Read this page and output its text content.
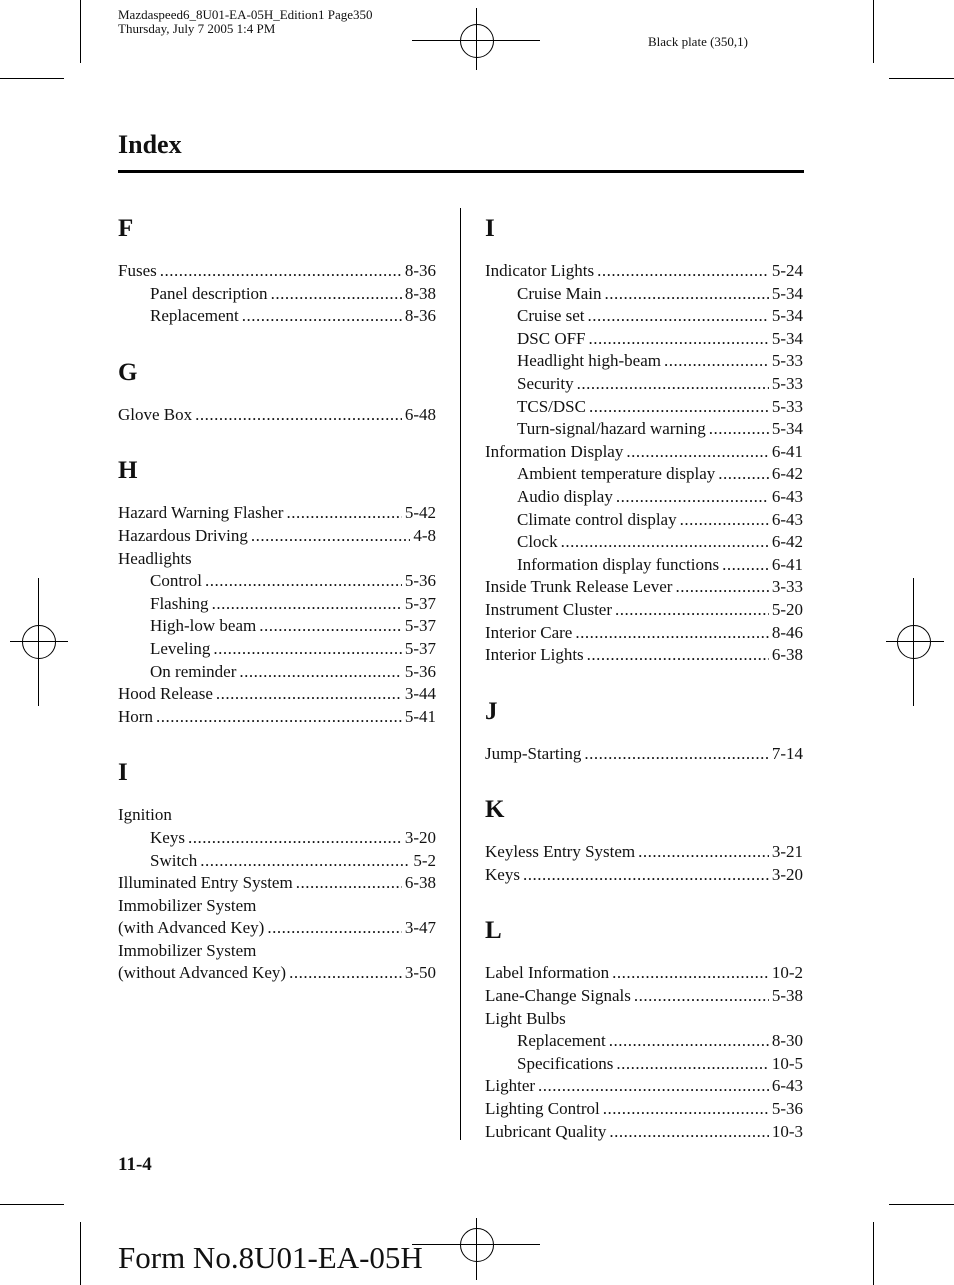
Mazdaspeed6_8U01-EA-05H_Edition1 Page350
Thursday, July 7 2005 1:4 PM
Black plate (350,1)
Index
F
Fuses .....	8-36
Panel description .....	8-38
Replacement .....	8-36
G
Glove Box .....	6-48
H
Hazard Warning Flasher .....	5-42
Hazardous Driving .....	4-8
Headlights
Control .....	5-36
Flashing .....	5-37
High-low beam .....	5-37
Leveling .....	5-37
On reminder .....	5-36
Hood Release .....	3-44
Horn .....	5-41
I
Ignition
Keys .....	3-20
Switch .....	5-2
Illuminated Entry System .....	6-38
Immobilizer System
(with Advanced Key) .....	3-47
Immobilizer System
(without Advanced Key) .....	3-50
I
Indicator Lights .....	5-24
Cruise Main .....	5-34
Cruise set .....	5-34
DSC OFF .....	5-34
Headlight high-beam .....	5-33
Security .....	5-33
TCS/DSC .....	5-33
Turn-signal/hazard warning .....	5-34
Information Display .....	6-41
Ambient temperature display .....	6-42
Audio display .....	6-43
Climate control display .....	6-43
Clock .....	6-42
Information display functions .....	6-41
Inside Trunk Release Lever .....	3-33
Instrument Cluster .....	5-20
Interior Care .....	8-46
Interior Lights .....	6-38
J
Jump-Starting .....	7-14
K
Keyless Entry System .....	3-21
Keys .....	3-20
L
Label Information .....	10-2
Lane-Change Signals .....	5-38
Light Bulbs
Replacement .....	8-30
Specifications .....	10-5
Lighter .....	6-43
Lighting Control .....	5-36
Lubricant Quality .....	10-3
11-4
Form No.8U01-EA-05H
